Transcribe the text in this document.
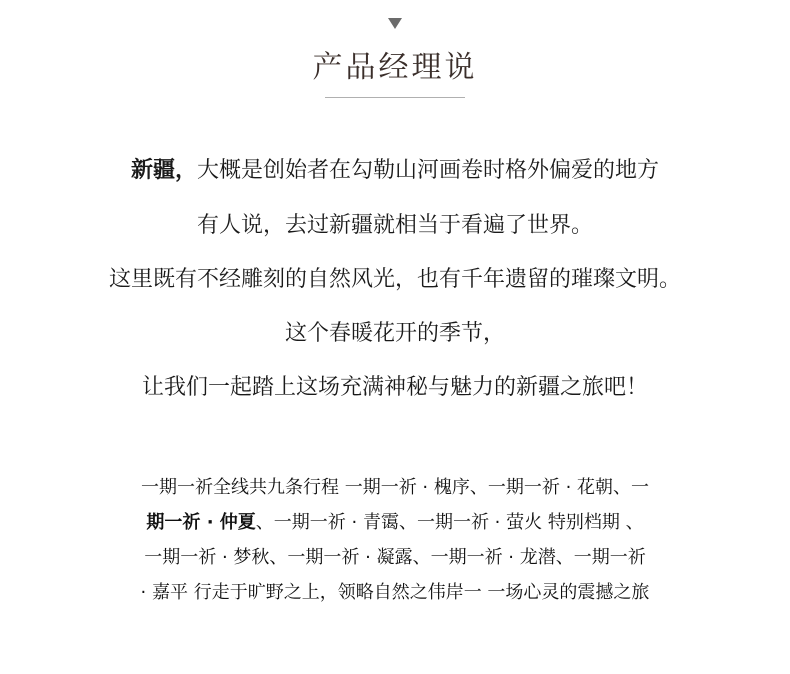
产品经理说
新疆，大概是创始者在勾勒山河画卷时格外偏爱的地方
有人说，去过新疆就相当于看遍了世界。
这里既有不经雕刻的自然风光，也有千年遗留的璀璨文明。
这个春暖花开的季节，
让我们一起踏上这场充满神秘与魅力的新疆之旅吧！
一期一祈全线共九条行程 一期一祈 · 槐序、一期一祈 · 花朝、一
期一祈 · 仲夏、一期一祈 · 青霭、一期一祈 · 萤火 特别档期 、
一期一祈 · 梦秋、一期一祈 · 凝露、一期一祈 · 龙潜、一期一祈
· 嘉平 行走于旷野之上，领略自然之伟岸一 一场心灵的震撼之旅
